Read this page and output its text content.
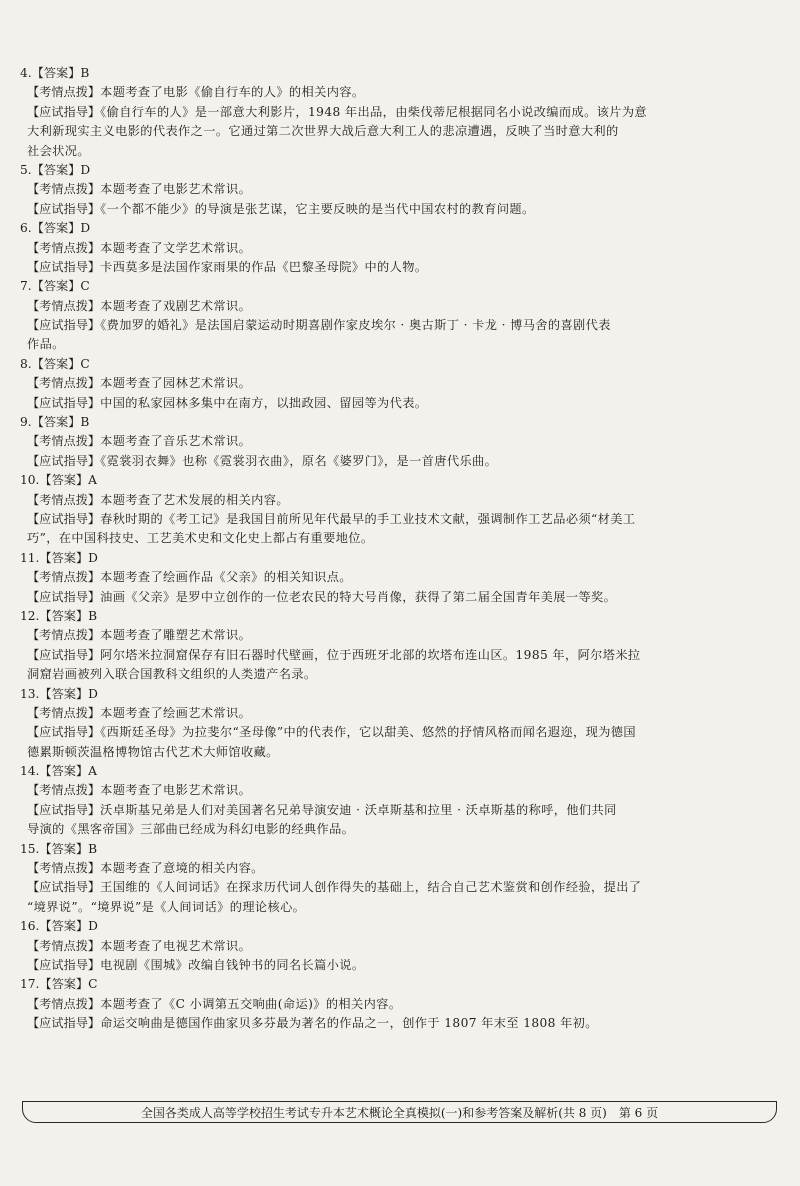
4.【答案】B
【考情点拨】本题考查了电影《偷自行车的人》的相关内容。
【应试指导】《偷自行车的人》是一部意大利影片，1948 年出品，由柴伐蒂尼根据同名小说改编而成。该片为意
大利新现实主义电影的代表作之一。它通过第二次世界大战后意大利工人的悲凉遭遇，反映了当时意大利的
社会状况。
5.【答案】D
【考情点拨】本题考查了电影艺术常识。
【应试指导】《一个都不能少》的导演是张艺谋，它主要反映的是当代中国农村的教育问题。
6.【答案】D
【考情点拨】本题考查了文学艺术常识。
【应试指导】卡西莫多是法国作家雨果的作品《巴黎圣母院》中的人物。
7.【答案】C
【考情点拨】本题考查了戏剧艺术常识。
【应试指导】《费加罗的婚礼》是法国启蒙运动时期喜剧作家皮埃尔 · 奥古斯丁 · 卡龙 · 博马舍的喜剧代表
作品。
8.【答案】C
【考情点拨】本题考查了园林艺术常识。
【应试指导】中国的私家园林多集中在南方，以拙政园、留园等为代表。
9.【答案】B
【考情点拨】本题考查了音乐艺术常识。
【应试指导】《霓裳羽衣舞》也称《霓裳羽衣曲》，原名《婆罗门》，是一首唐代乐曲。
10.【答案】A
【考情点拨】本题考查了艺术发展的相关内容。
【应试指导】春秋时期的《考工记》是我国目前所见年代最早的手工业技术文献，强调制作工艺品必须“材美工
巧”，在中国科技史、工艺美术史和文化史上都占有重要地位。
11.【答案】D
【考情点拨】本题考查了绘画作品《父亲》的相关知识点。
【应试指导】油画《父亲》是罗中立创作的一位老农民的特大号肖像，获得了第二届全国青年美展一等奖。
12.【答案】B
【考情点拨】本题考查了雕塑艺术常识。
【应试指导】阿尔塔米拉洞窟保存有旧石器时代壁画，位于西班牙北部的坎塔布连山区。1985 年，阿尔塔米拉
洞窟岩画被列入联合国教科文组织的人类遗产名录。
13.【答案】D
【考情点拨】本题考查了绘画艺术常识。
【应试指导】《西斯廷圣母》为拉斐尔“圣母像”中的代表作，它以甜美、悠然的抒情风格而闻名遐迩，现为德国
德累斯顿茨温格博物馆古代艺术大师馆收藏。
14.【答案】A
【考情点拨】本题考查了电影艺术常识。
【应试指导】沃卓斯基兄弟是人们对美国著名兄弟导演安迪 · 沃卓斯基和拉里 · 沃卓斯基的称呼，他们共同
导演的《黑客帝国》三部曲已经成为科幻电影的经典作品。
15.【答案】B
【考情点拨】本题考查了意境的相关内容。
【应试指导】王国维的《人间词话》在探求历代词人创作得失的基础上，结合自己艺术鉴赏和创作经验，提出了
“境界说”。“境界说”是《人间词话》的理论核心。
16.【答案】D
【考情点拨】本题考查了电视艺术常识。
【应试指导】电视剧《围城》改编自钱钟书的同名长篇小说。
17.【答案】C
【考情点拨】本题考查了《C 小调第五交响曲(命运)》的相关内容。
【应试指导】命运交响曲是德国作曲家贝多芬最为著名的作品之一，创作于 1807 年末至 1808 年初。
全国各类成人高等学校招生考试专升本艺术概论全真模拟(一)和参考答案及解析(共 8 页)　第 6 页
